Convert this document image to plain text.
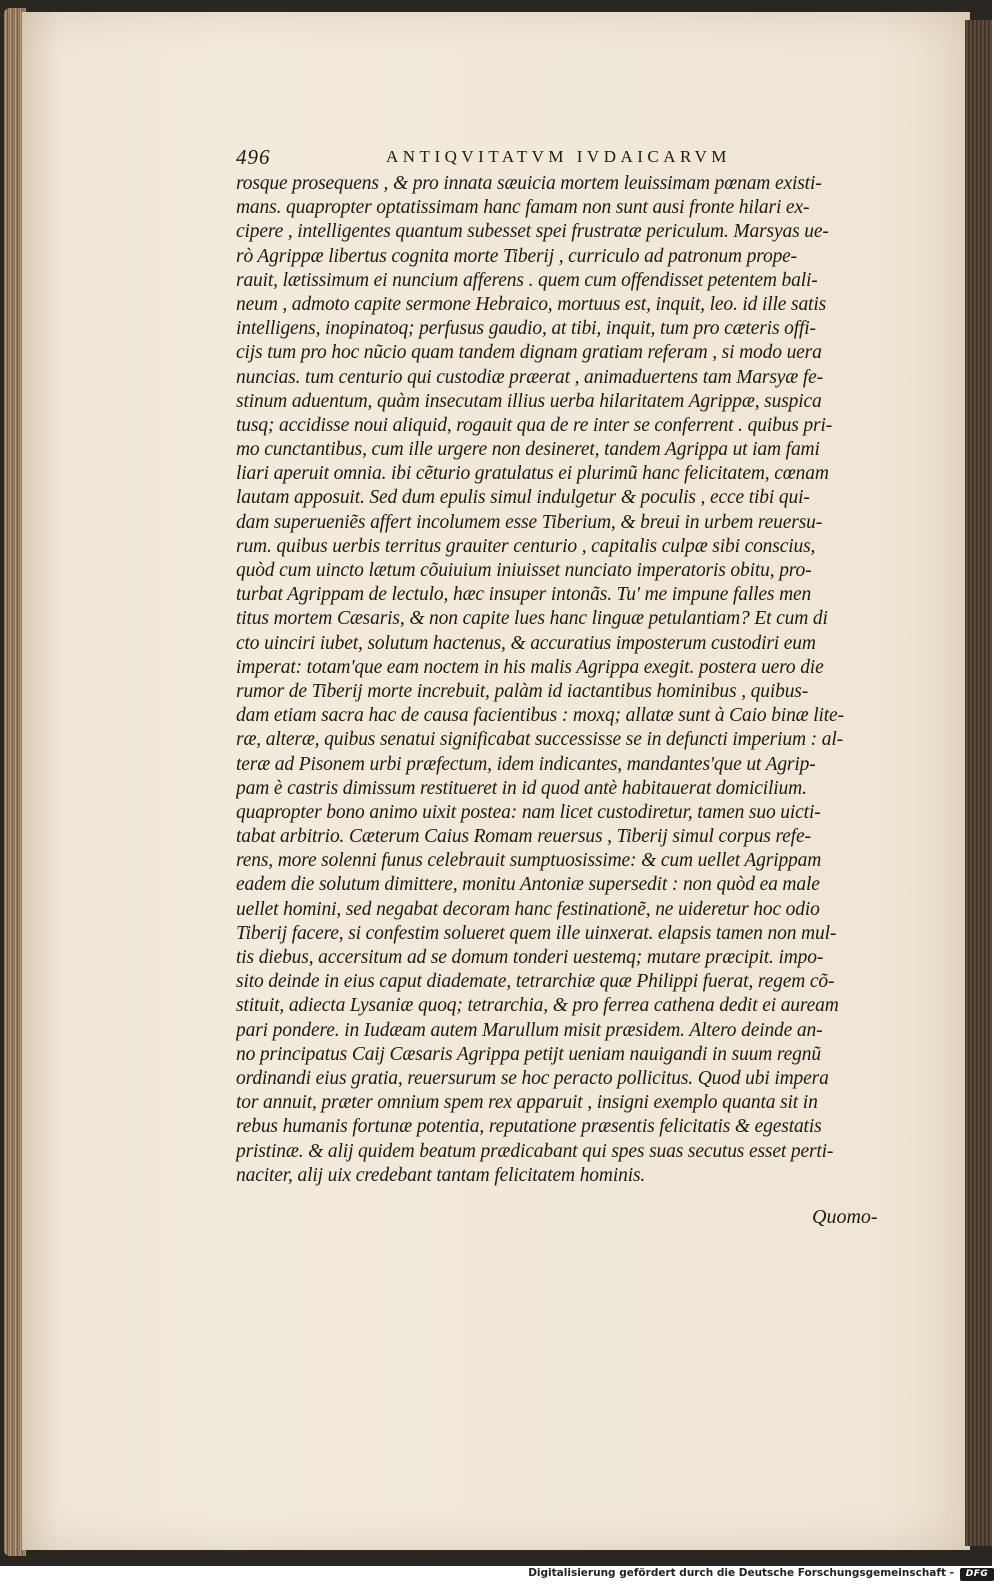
496	ANTIQVITATVM IVDAICARVM
rosque prosequens , & pro innata sæuicia mortem leuissimam pœnam existi-
mans. quapropter optatissimam hanc famam non sunt ausi fronte hilari ex-
cipere , intelligentes quantum subesset spei frustratæ periculum. Marsyas ue-
rò Agrippæ libertus cognita morte Tiberij , curriculo ad patronum prope-
rauit, lætissimum ei nuncium afferens . quem cum offendisset petentem bali-
neum , admoto capite sermone Hebraico, mortuus est, inquit, leo. id ille satis
intelligens, inopinatoq; perfusus gaudio, at tibi, inquit, tum pro cæteris offi-
cijs tum pro hoc nũcio quam tandem dignam gratiam referam , si modo uera
nuncias. tum centurio qui custodiæ præerat , animaduertens tam Marsyæ fe-
stinum aduentum, quàm insecutam illius uerba hilaritatem Agrippæ, suspica
tusq; accidisse noui aliquid, rogauit qua de re inter se conferrent . quibus pri-
mo cunctantibus, cum ille urgere non desineret, tandem Agrippa ut iam fami
liari aperuit omnia. ibi cẽturio gratulatus ei plurimũ hanc felicitatem, cœnam
lautam apposuit. Sed dum epulis simul indulgetur & poculis , ecce tibi qui-
dam superueniẽs affert incolumem esse Tiberium, & breui in urbem reuersu-
rum. quibus uerbis territus grauiter centurio , capitalis culpæ sibi conscius,
quòd cum uincto lætum cõuiuium iniuisset nunciato imperatoris obitu, pro-
turbat Agrippam de lectulo, hæc insuper intonãs. Tu' me impune falles men
titus mortem Cæsaris, & non capite lues hanc linguæ petulantiam? Et cum di
cto uinciri iubet, solutum hactenus, & accuratius imposterum custodiri eum
imperat: totam'que eam noctem in his malis Agrippa exegit. postera uero die
rumor de Tiberij morte increbuit, palàm id iactantibus hominibus , quibus-
dam etiam sacra hac de causa facientibus : moxq; allatæ sunt à Caio binæ lite-
ræ, alteræ, quibus senatui significabat successisse se in defuncti imperium : al-
teræ ad Pisonem urbi præfectum, idem indicantes, mandantes'que ut Agrip-
pam è castris dimissum restitueret in id quod antè habitauerat domicilium.
quapropter bono animo uixit postea: nam licet custodiretur, tamen suo uicti-
tabat arbitrio. Cæterum Caius Romam reuersus , Tiberij simul corpus refe-
rens, more solenni funus celebrauit sumptuosissime: & cum uellet Agrippam
eadem die solutum dimittere, monitu Antoniæ supersedit : non quòd ea male
uellet homini, sed negabat decoram hanc festinationẽ, ne uideretur hoc odio
Tiberij facere, si confestim solueret quem ille uinxerat. elapsis tamen non mul-
tis diebus, accersitum ad se domum tonderi uestemq; mutare præcipit. impo-
sito deinde in eius caput diademate, tetrarchiæ quæ Philippi fuerat, regem cõ-
stituit, adiecta Lysaniæ quoq; tetrarchia, & pro ferrea cathena dedit ei auream
pari pondere. in Iudæam autem Marullum misit præsidem. Altero deinde an-
no principatus Caij Cæsaris Agrippa petijt ueniam nauigandi in suum regnũ
ordinandi eius gratia, reuersurum se hoc peracto pollicitus. Quod ubi impera
tor annuit, præter omnium spem rex apparuit , insigni exemplo quanta sit in
rebus humanis fortunæ potentia, reputatione præsentis felicitatis & egestatis
pristinæ. & alij quidem beatum prædicabant qui spes suas secutus esset perti-
naciter, alij uix credebant tantam felicitatem hominis.
Quomo-
Digitalisierung gefördert durch die Deutsche Forschungsgemeinschaft -	DFG
